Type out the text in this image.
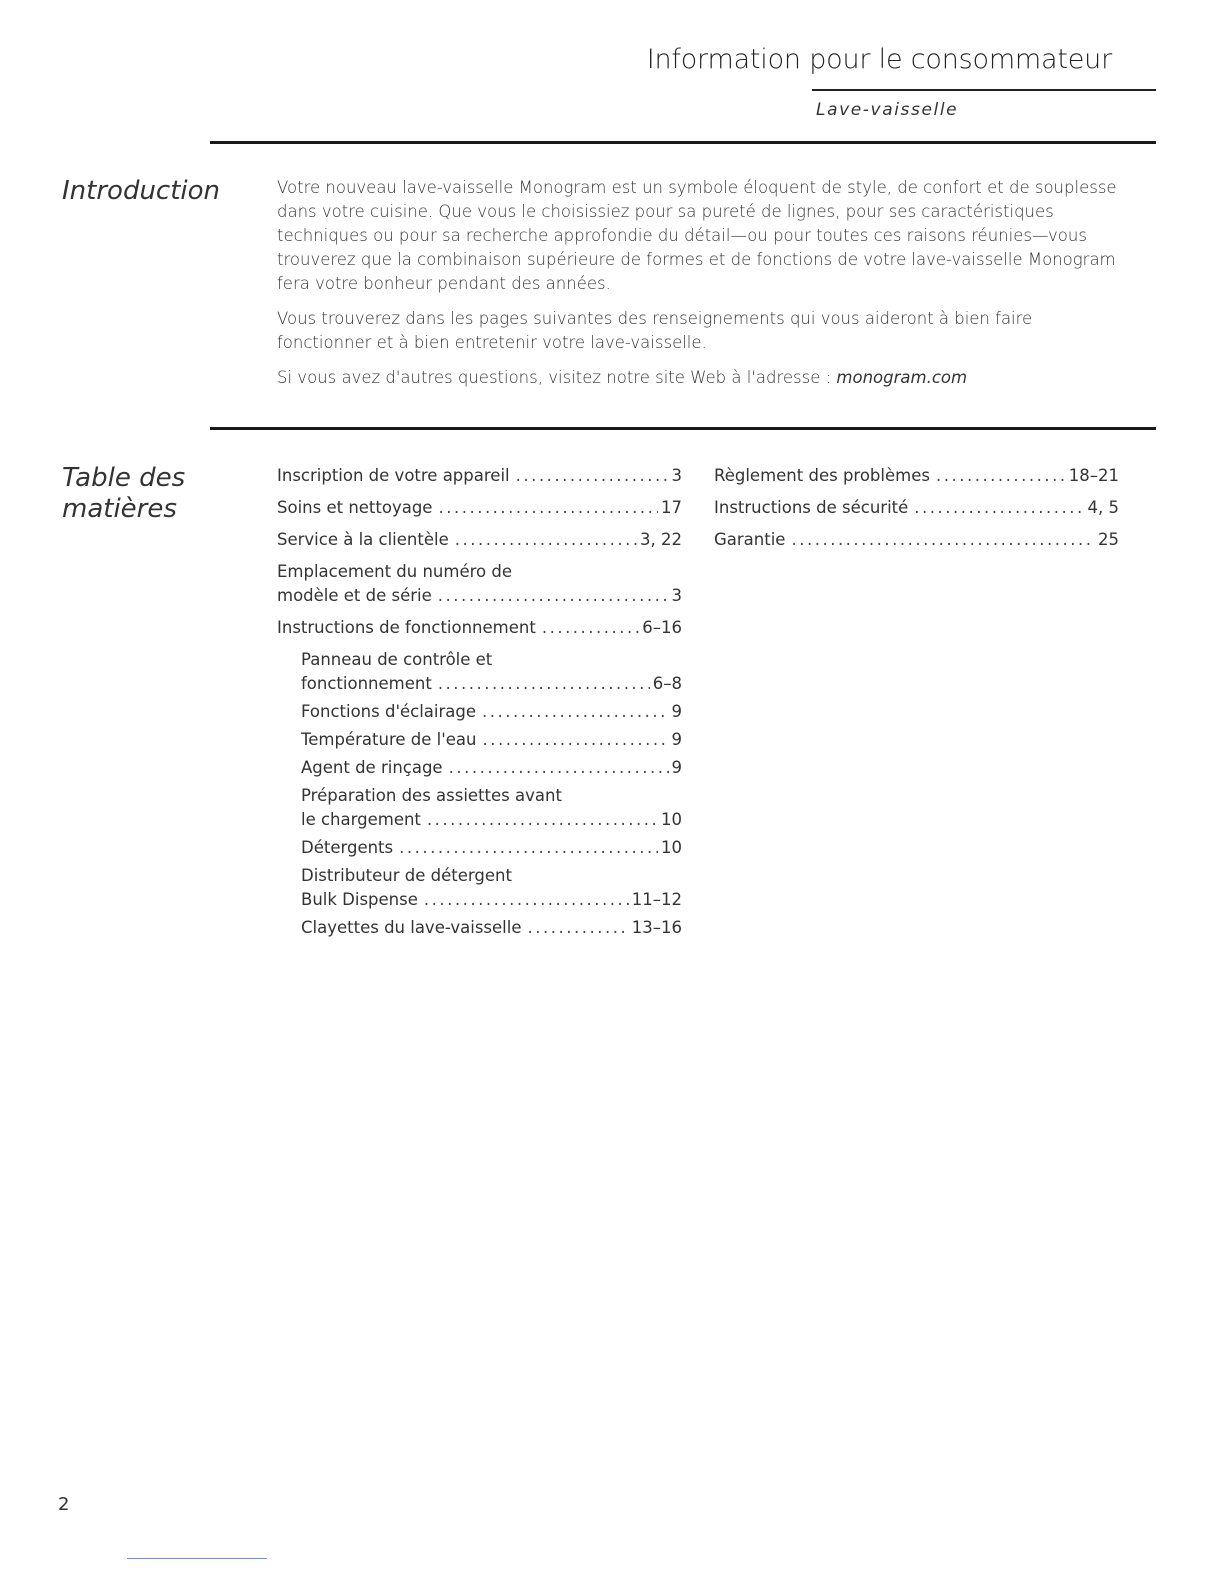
Information pour le consommateur
Lave-vaisselle
Introduction	Votre nouveau lave-vaisselle Monogram est un symbole éloquent de style, de confort et de souplesse dans votre cuisine. Que vous le choisissiez pour sa pureté de lignes, pour ses caractéristiques techniques ou pour sa recherche approfondie du détail—ou pour toutes ces raisons réunies—vous trouverez que la combinaison supérieure de formes et de fonctions de votre lave-vaisselle Monogram fera votre bonheur pendant des années.

Vous trouverez dans les pages suivantes des renseignements qui vous aideront à bien faire fonctionner et à bien entretenir votre lave-vaisselle.

Si vous avez d'autres questions, visitez notre site Web à l'adresse : monogram.com

Table des
matières
Inscription de votre appareil .....	3
Soins et nettoyage .....	17
Service à la clientèle .....	3, 22
Emplacement du numéro de
modèle et de série .....	3
Instructions de fonctionnement .....	6–16
Panneau de contrôle et
fonctionnement .....	6–8
Fonctions d'éclairage .....	9
Température de l'eau .....	9
Agent de rinçage .....	9
Préparation des assiettes avant
le chargement .....	10
Détergents .....	10
Distributeur de détergent
Bulk Dispense .....	11–12
Clayettes du lave-vaisselle .....	13–16
Règlement des problèmes .....	18–21
Instructions de sécurité .....	4, 5
Garantie .....	25
2
